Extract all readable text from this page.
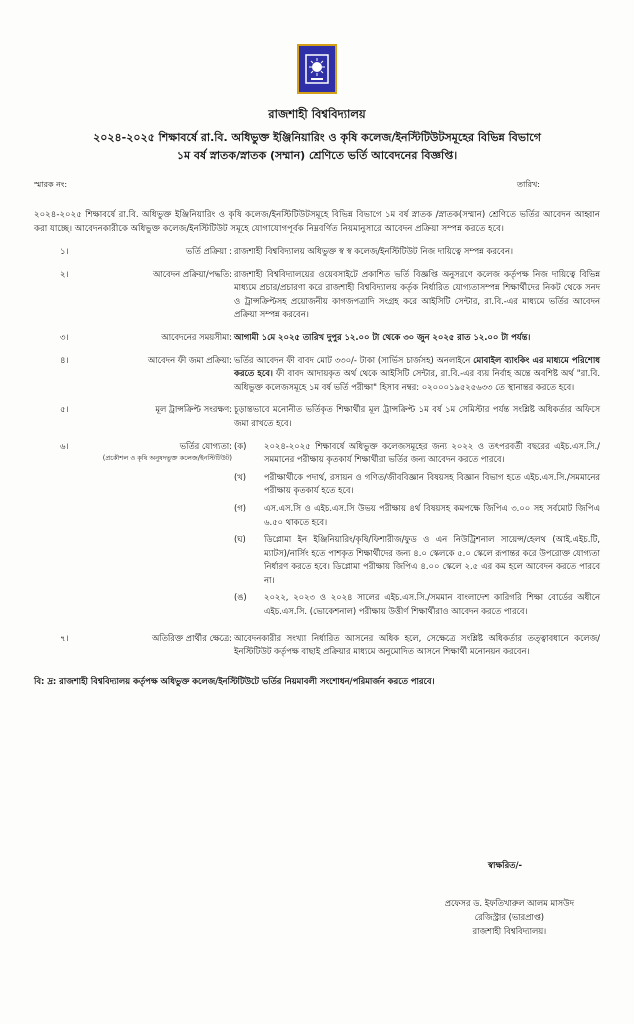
রাজশাহী বিশ্ববিদ্যালয়
২০২৪-২০২৫ শিক্ষাবর্ষে রা.বি. অধিভুক্ত ইঞ্জিনিয়ারিং ও কৃষি কলেজ/ইনস্টিটিউটসমূহের বিভিন্ন বিভাগে
১ম বর্ষ স্নাতক/স্নাতক (সম্মান) শ্রেণিতে ভর্তি আবেদনের বিজ্ঞপ্তি।
স্মারক নং:	তারিখ:
২০২৪-২০২৫ শিক্ষাবর্ষে রা.বি. অধিভুক্ত ইঞ্জিনিয়ারিং ও কৃষি কলেজ/ইনস্টিটিউটসমূহে বিভিন্ন বিভাগে ১ম বর্ষ স্নাতক /স্নাতক(সম্মান) শ্রেণিতে ভর্তির আবেদন আহ্বান করা যাচ্ছে। আবেদনকারীকে অধিভুক্ত কলেজ/ইনস্টিটিউট সমূহে যোগাযোগপূর্বক নিম্নবর্ণিত নিয়মানুসারে আবেদন প্রক্রিয়া সম্পন্ন করতে হবে।
১।	ভর্তি প্রক্রিয়া : রাজশাহী বিশ্ববিদ্যালয় অধিভুক্ত স্ব স্ব কলেজ/ইনস্টিটিউট নিজ দায়িত্বে সম্পন্ন করবেন।
২।	আবেদন প্রক্রিয়া/পদ্ধতি: রাজশাহী বিশ্ববিদ্যালয়ের ওয়েবসাইটে প্রকাশিত ভর্তি বিজ্ঞপ্তি অনুসরণে কলেজ কর্তৃপক্ষ নিজ দায়িত্বে বিভিন্ন মাধ্যমে প্রচার/প্রচারণা করে রাজশাহী বিশ্ববিদ্যালয় কর্তৃক নির্ধারিত যোগ্যতাসম্পন্ন শিক্ষার্থীদের নিকট থেকে সনদ ও ট্রান্সক্রিপ্টসহ প্রয়োজনীয় কাগজপত্রাদি সংগ্রহ করে আইসিটি সেন্টার, রা.বি.-এর মাধ্যমে ভর্তির আবেদন প্রক্রিয়া সম্পন্ন করবেন।
৩।	আবেদনের সময়সীমা: আগামী ১মে ২০২৫ তারিখ দুপুর ১২.০০ টা থেকে ৩০ জুন ২০২৫ রাত ১২.০০ টা পর্যন্ত।
৪।	আবেদন ফী জমা প্রক্রিয়া: ভর্তির আবেদন ফী বাবদ মোট ৩৩০/- টাকা (সার্ভিস চার্জসহ) অনলাইনে মোবাইল ব্যাংকিং এর মাধ্যমে পরিশোধ করতে হবে। ফী বাবদ আদায়কৃত অর্থ থেকে আইসিটি সেন্টার, রা.বি.-এর ব্যয় নির্বাহ অন্তে অবশিষ্ট অর্থ "রা.বি. অধিভুক্ত কলেজসমূহে ১ম বর্ষ ভর্তি পরীক্ষা" হিসাব নম্বর: ০২০০০১৯৫২৫৬৩৩ তে স্থানান্তর করতে হবে।
৫।	মূল ট্রান্সক্রিপ্ট সংরক্ষণ: চূড়ান্তভাবে মনোনীত ভর্তিকৃত শিক্ষার্থীর মূল ট্রান্সক্রিপ্ট ১ম বর্ষ ১ম সেমিস্টার পর্যন্ত সংশ্লিষ্ট অধিকর্তার অফিসে জমা রাখতে হবে।
৬।	ভর্তির যোগ্যতা:
(প্রকৌশল ও কৃষি অনুষদভুক্ত কলেজ/ইনস্টিটিউট)
(ক)	২০২৪-২০২৫ শিক্ষাবর্ষে অধিভুক্ত কলেজসমূহের জন্য ২০২২ ও তৎপরবর্তী বছরের এইচ.এস.সি./সমমানের পরীক্ষায় কৃতকার্য শিক্ষার্থীরা ভর্তির জন্য আবেদন করতে পারবে।
(খ)	পরীক্ষার্থীকে পদার্থ, রসায়ন ও গণিত/জীববিজ্ঞান বিষয়সহ বিজ্ঞান বিভাগ হতে এইচ.এস.সি./সমমানের পরীক্ষায় কৃতকার্য হতে হবে।
(গ)	এস.এস.সি ও এইচ.এস.সি উভয় পরীক্ষায় ৪র্থ বিষয়সহ কমপক্ষে জিপিএ ৩.০০ সহ সর্বমোট জিপিএ ৬.৫০ থাকতে হবে।
(ঘ)	ডিপ্লোমা ইন ইঞ্জিনিয়ারিং/কৃষি/ফিশারীজ/ফুড ও এন নিউট্রিশনাল সায়েন্স/হেলথ (আই.এইচ.টি, ম্যাটস)/নার্সিং হতে পাশকৃত শিক্ষার্থীদের জন্য ৪.০ স্কেলকে ৫.০ স্কেলে রূপান্তর করে উপরোক্ত যোগ্যতা নির্ধারণ করতে হবে। ডিপ্লোমা পরীক্ষায় জিপিএ ৪.০০ স্কেলে ২.৫ এর কম হলে আবেদন করতে পারবে না।
(ঙ)	২০২২, ২০২৩ ও ২০২৪ সালের এইচ.এস.সি./সমমান বাংলাদেশ কারিগরি শিক্ষা বোর্ডের অধীনে এইচ.এস.সি. (ভোকেশনাল) পরীক্ষায় উত্তীর্ণ শিক্ষার্থীরাও আবেদন করতে পারবে।
৭।	অতিরিক্ত প্রার্থীর ক্ষেত্রে: আবেদনকারীর সংখ্যা নির্ধারিত আসনের অধিক হলে, সেক্ষেত্রে সংশ্লিষ্ট অধিকর্তার তত্ত্বাবধানে কলেজ/ইনস্টিটিউট কর্তৃপক্ষ বাছাই প্রক্রিয়ার মাধ্যমে অনুমোদিত আসনে শিক্ষার্থী মনোনয়ন করবেন।
বি: দ্র: রাজশাহী বিশ্ববিদ্যালয় কর্তৃপক্ষ অধিভুক্ত কলেজ/ইনস্টিটিউটে ভর্তির নিয়মাবলী সংশোধন/পরিমার্জন করতে পারবে।
স্বাক্ষরিত/-
প্রফেসর ড. ইফতিখারুল আলম মাসউদ
রেজিস্ট্রার (ভারপ্রাপ্ত)
রাজশাহী বিশ্ববিদ্যালয়।
